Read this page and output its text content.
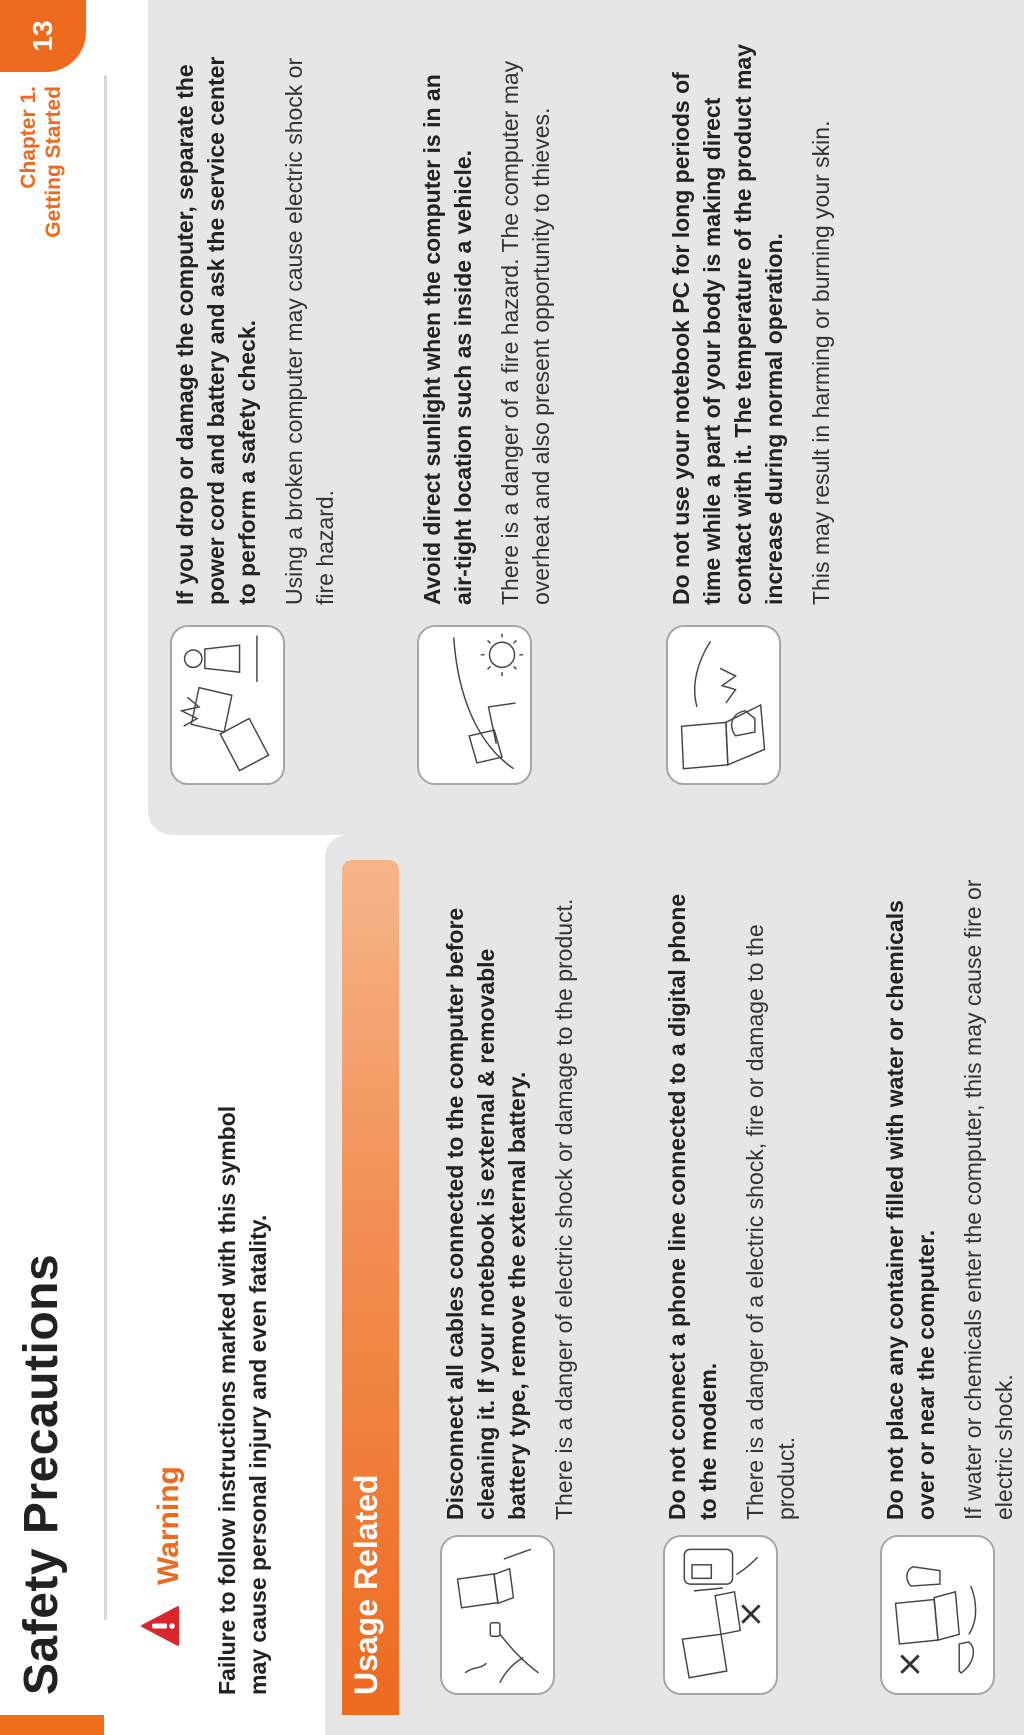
Safety Precautions
Chapter 1. Getting Started
13
Warning Failure to follow instructions marked with this symbol may cause personal injury and even fatality. Usage Related

Disconnect all cables connected to the computer before cleaning it. If your notebook is external & removable battery type, remove the external battery. There is a danger of electric shock or damage to the product.	Do not connect a phone line connected to a digital phone to the modem. There is a danger of a electric shock, fire or damage to the product.	Do not place any container filled with water or chemicals over or near the computer. If water or chemicals enter the computer, this may cause fire or electric shock.

If you drop or damage the computer, separate the power cord and battery and ask the service center to perform a safety check. Using a broken computer may cause electric shock or fire hazard.	Avoid direct sunlight when the computer is in an air-tight location such as inside a vehicle. There is a danger of a fire hazard. The computer may overheat and also present opportunity to thieves.	Do not use your notebook PC for long periods of time while a part of your body is making direct contact with it. The temperature of the product may increase during normal operation. This may result in harming or burning your skin.
